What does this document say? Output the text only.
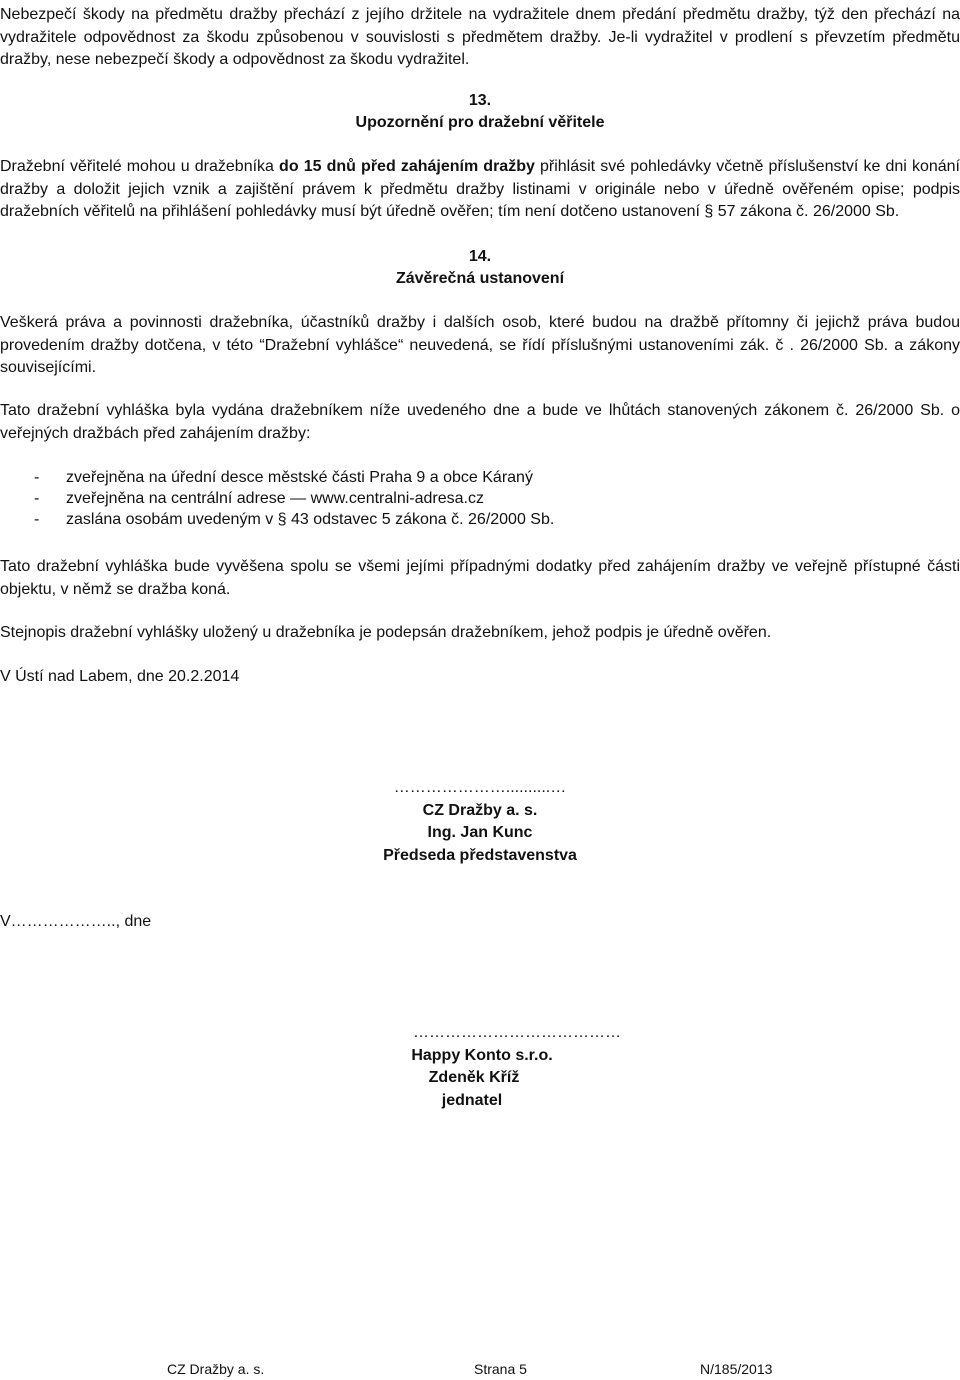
Nebezpečí škody na předmětu dražby přechází z jejího držitele na vydražitele dnem předání předmětu dražby, týž den přechází na vydražitele odpovědnost za škodu způsobenou v souvislosti s předmětem dražby. Je-li vydražitel v prodlení s převzetím předmětu dražby, nese nebezpečí škody a odpovědnost za škodu vydražitel.

13.
Upozornění pro dražební věřitele

Dražební věřitelé mohou u dražebníka do 15 dnů před zahájením dražby přihlásit své pohledávky včetně příslušenství ke dni konání dražby a doložit jejich vznik a zajištění právem k předmětu dražby listinami v originále nebo v úředně ověřeném opise; podpis dražebních věřitelů na přihlášení pohledávky musí být úředně ověřen; tím není dotčeno ustanovení § 57 zákona č. 26/2000 Sb.

14.
Závěrečná ustanovení

Veškerá práva a povinnosti dražebníka, účastníků dražby i dalších osob, které budou na dražbě přítomny či jejichž práva budou provedením dražby dotčena, v této “Dražební vyhlášce“ neuvedená, se řídí příslušnými ustanoveními zák. č . 26/2000 Sb. a zákony souvisejícími.

Tato dražební vyhláška byla vydána dražebníkem níže uvedeného dne a bude ve lhůtách stanovených zákonem č. 26/2000 Sb. o veřejných dražbách před zahájením dražby:

- zveřejněna na úřední desce městské části Praha 9 a obce Káraný
- zveřejněna na centrální adrese — www.centralni-adresa.cz
- zaslána osobám uvedeným v § 43 odstavec 5 zákona č. 26/2000 Sb.

Tato dražební vyhláška bude vyvěšena spolu se všemi jejími případnými dodatky před zahájením dražby ve veřejně přístupné části objektu, v němž se dražba koná.

Stejnopis dražební vyhlášky uložený u dražebníka je podepsán dražebníkem, jehož podpis je úředně ověřen.

V Ústí nad Labem, dne 20.2.2014
…………………..........…
CZ Dražby a. s.
Ing. Jan Kunc
Předseda představenstva
V……………….., dne
…………………………………
Happy Konto s.r.o.
Zdeněk Kříž
jednatel
CZ Dražby a. s.	Strana 5	N/185/2013
